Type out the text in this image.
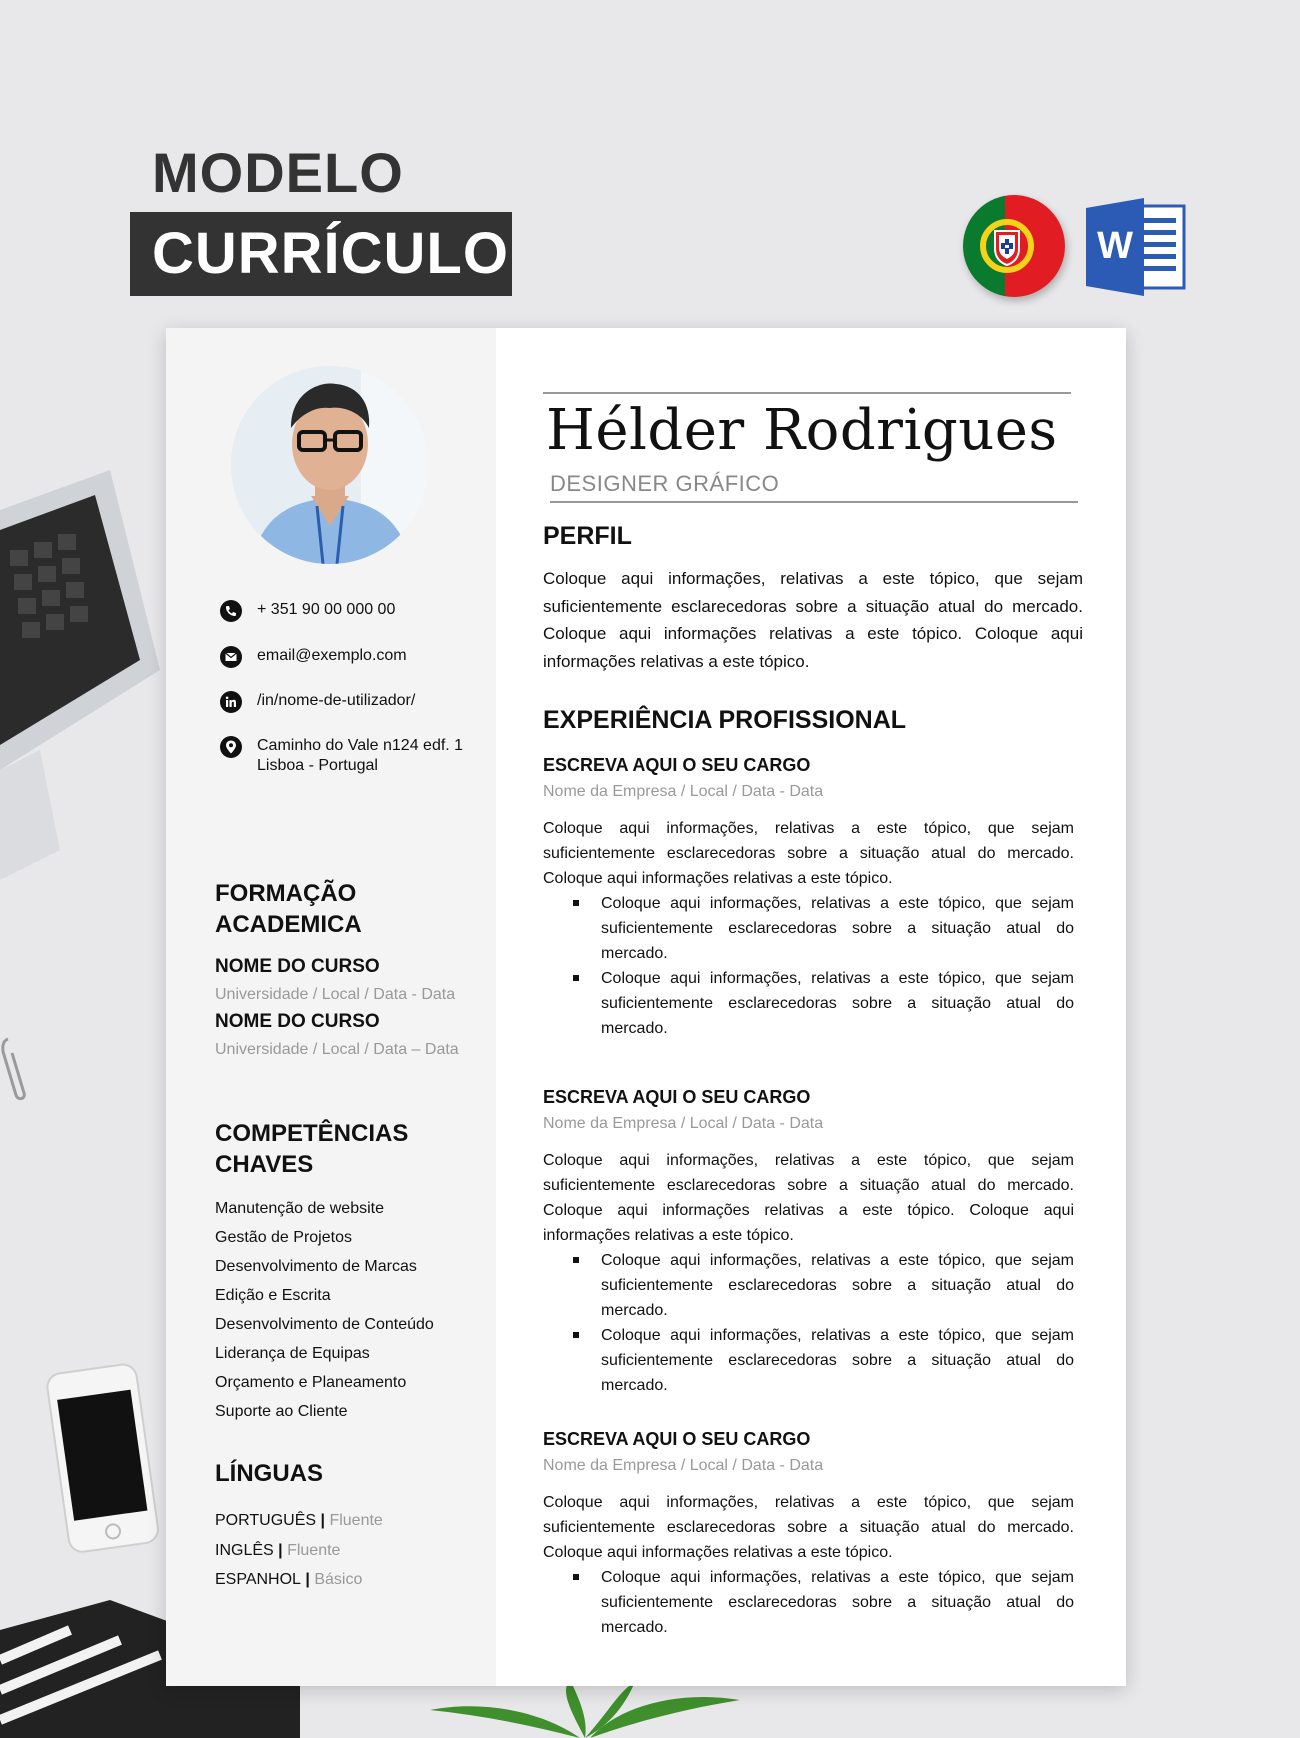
MODELO
CURRÍCULO	W
+ 351 90 00 000 00
email@exemplo.com
/in/nome-de-utilizador/
Caminho do Vale n124 edf. 1
Lisboa - Portugal
FORMAÇÃO
ACADEMICA
NOME DO CURSO
Universidade / Local / Data - Data
NOME DO CURSO
Universidade / Local / Data – Data
COMPETÊNCIAS
CHAVES
Manutenção de website
Gestão de Projetos
Desenvolvimento de Marcas
Edição e Escrita
Desenvolvimento de Conteúdo
Liderança de Equipas
Orçamento e Planeamento
Suporte ao Cliente
LÍNGUAS
PORTUGUÊS | Fluente
INGLÊS | Fluente
ESPANHOL | Básico
Hélder Rodrigues
DESIGNER GRÁFICO
PERFIL
Coloque aqui informações, relativas a este tópico, que sejam suficientemente esclarecedoras sobre a situação atual do mercado. Coloque aqui informações relativas a este tópico. Coloque aqui informações relativas a este tópico.
EXPERIÊNCIA PROFISSIONAL
ESCREVA AQUI O SEU CARGO
Nome da Empresa / Local / Data - Data
Coloque aqui informações, relativas a este tópico, que sejam suficientemente esclarecedoras sobre a situação atual do mercado. Coloque aqui informações relativas a este tópico.
Coloque aqui informações, relativas a este tópico, que sejam suficientemente esclarecedoras sobre a situação atual do mercado.
Coloque aqui informações, relativas a este tópico, que sejam suficientemente esclarecedoras sobre a situação atual do mercado.
ESCREVA AQUI O SEU CARGO
Nome da Empresa / Local / Data - Data
Coloque aqui informações, relativas a este tópico, que sejam suficientemente esclarecedoras sobre a situação atual do mercado. Coloque aqui informações relativas a este tópico. Coloque aqui informações relativas a este tópico.
Coloque aqui informações, relativas a este tópico, que sejam suficientemente esclarecedoras sobre a situação atual do mercado.
Coloque aqui informações, relativas a este tópico, que sejam suficientemente esclarecedoras sobre a situação atual do mercado.
ESCREVA AQUI O SEU CARGO
Nome da Empresa / Local / Data - Data
Coloque aqui informações, relativas a este tópico, que sejam suficientemente esclarecedoras sobre a situação atual do mercado. Coloque aqui informações relativas a este tópico.
Coloque aqui informações, relativas a este tópico, que sejam suficientemente esclarecedoras sobre a situação atual do mercado.
